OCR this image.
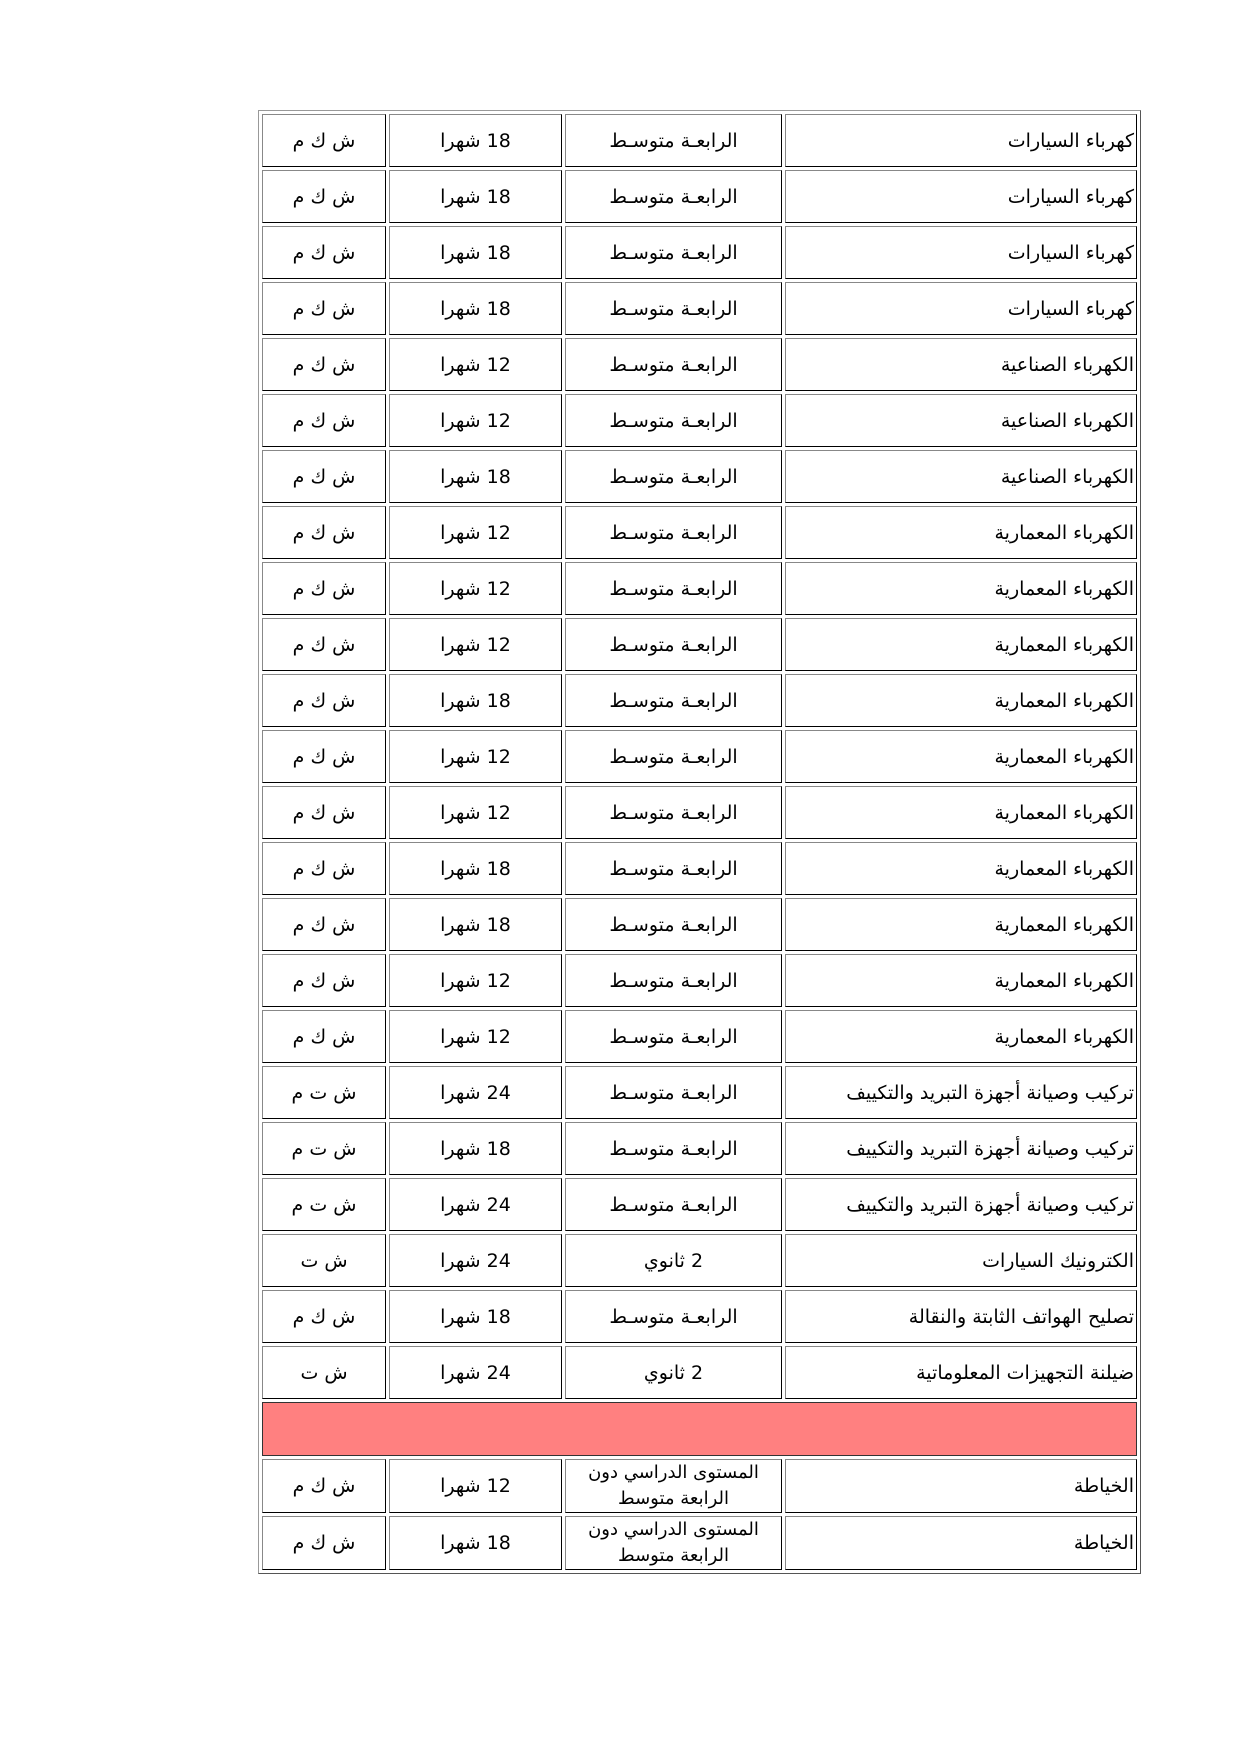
ش ك م	18 شهرا	الرابعـة متوسـط	كهرباء السيارات
ش ك م	18 شهرا	الرابعـة متوسـط	كهرباء السيارات
ش ك م	18 شهرا	الرابعـة متوسـط	كهرباء السيارات
ش ك م	18 شهرا	الرابعـة متوسـط	كهرباء السيارات
ش ك م	12 شهرا	الرابعـة متوسـط	الكهرباء الصناعية
ش ك م	12 شهرا	الرابعـة متوسـط	الكهرباء الصناعية
ش ك م	18 شهرا	الرابعـة متوسـط	الكهرباء الصناعية
ش ك م	12 شهرا	الرابعـة متوسـط	الكهرباء المعمارية
ش ك م	12 شهرا	الرابعـة متوسـط	الكهرباء المعمارية
ش ك م	12 شهرا	الرابعـة متوسـط	الكهرباء المعمارية
ش ك م	18 شهرا	الرابعـة متوسـط	الكهرباء المعمارية
ش ك م	12 شهرا	الرابعـة متوسـط	الكهرباء المعمارية
ش ك م	12 شهرا	الرابعـة متوسـط	الكهرباء المعمارية
ش ك م	18 شهرا	الرابعـة متوسـط	الكهرباء المعمارية
ش ك م	18 شهرا	الرابعـة متوسـط	الكهرباء المعمارية
ش ك م	12 شهرا	الرابعـة متوسـط	الكهرباء المعمارية
ش ك م	12 شهرا	الرابعـة متوسـط	الكهرباء المعمارية
ش ت م	24 شهرا	الرابعـة متوسـط	تركيب وصيانة أجهزة التبريد والتكييف
ش ت م	18 شهرا	الرابعـة متوسـط	تركيب وصيانة أجهزة التبريد والتكييف
ش ت م	24 شهرا	الرابعـة متوسـط	تركيب وصيانة أجهزة التبريد والتكييف
ش ت	24 شهرا	2 ثانوي	الكترونيك السيارات
ش ك م	18 شهرا	الرابعـة متوسـط	تصليح الهواتف الثابتة والنقالة
ش ت	24 شهرا	2 ثانوي	ضيلنة التجهيزات المعلوماتية

ش ك م	12 شهرا	المستوى الدراسي دون الرابعة متوسط	الخياطة
ش ك م	18 شهرا	المستوى الدراسي دون الرابعة متوسط	الخياطة
